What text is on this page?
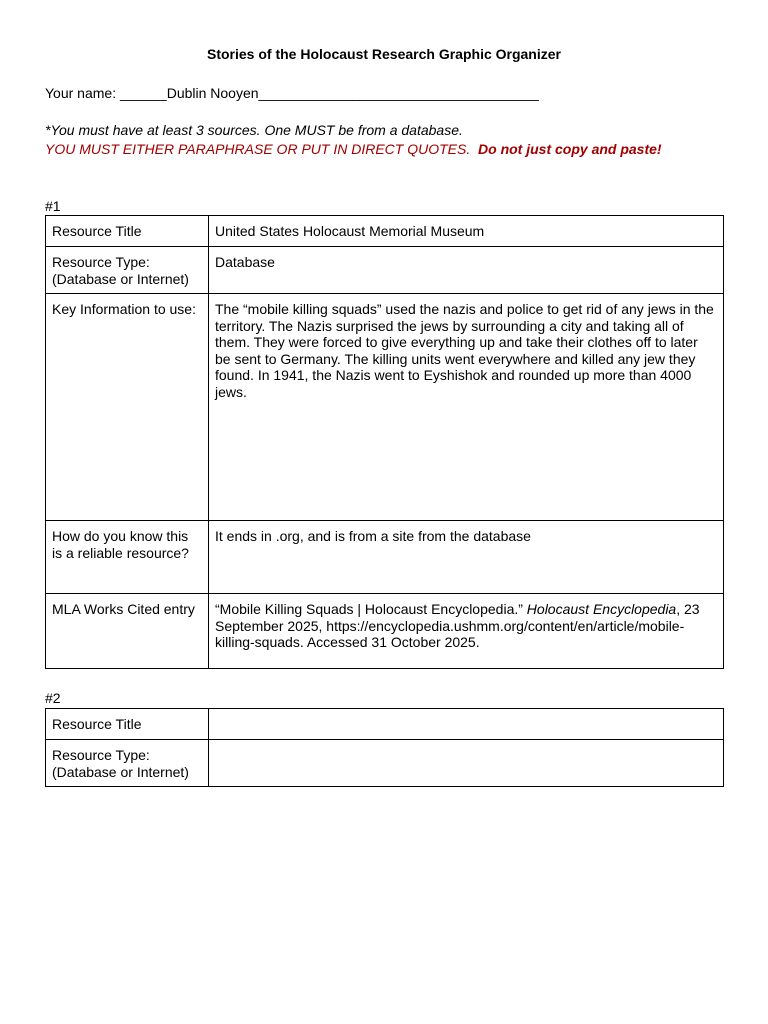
Stories of the Holocaust Research Graphic Organizer
Your name: ______Dublin Nooyen____________________________________
*You must have at least 3 sources. One MUST be from a database.
YOU MUST EITHER PARAPHRASE OR PUT IN DIRECT QUOTES. Do not just copy and paste!
#1
Resource Title	United States Holocaust Memorial Museum
Resource Type:
(Database or Internet)	Database
Key Information to use:	The “mobile killing squads” used the nazis and police to get rid of any jews in the territory. The Nazis surprised the jews by surrounding a city and taking all of them. They were forced to give everything up and take their clothes off to later be sent to Germany. The killing units went everywhere and killed any jew they found. In 1941, the Nazis went to Eyshishok and rounded up more than 4000 jews.
How do you know this is a reliable resource?	It ends in .org, and is from a site from the database
MLA Works Cited entry	“Mobile Killing Squads | Holocaust Encyclopedia.” Holocaust Encyclopedia, 23 September 2025, https://encyclopedia.ushmm.org/content/en/article/mobile-killing-squads. Accessed 31 October 2025.
#2
Resource Title	
Resource Type:
(Database or Internet)	
